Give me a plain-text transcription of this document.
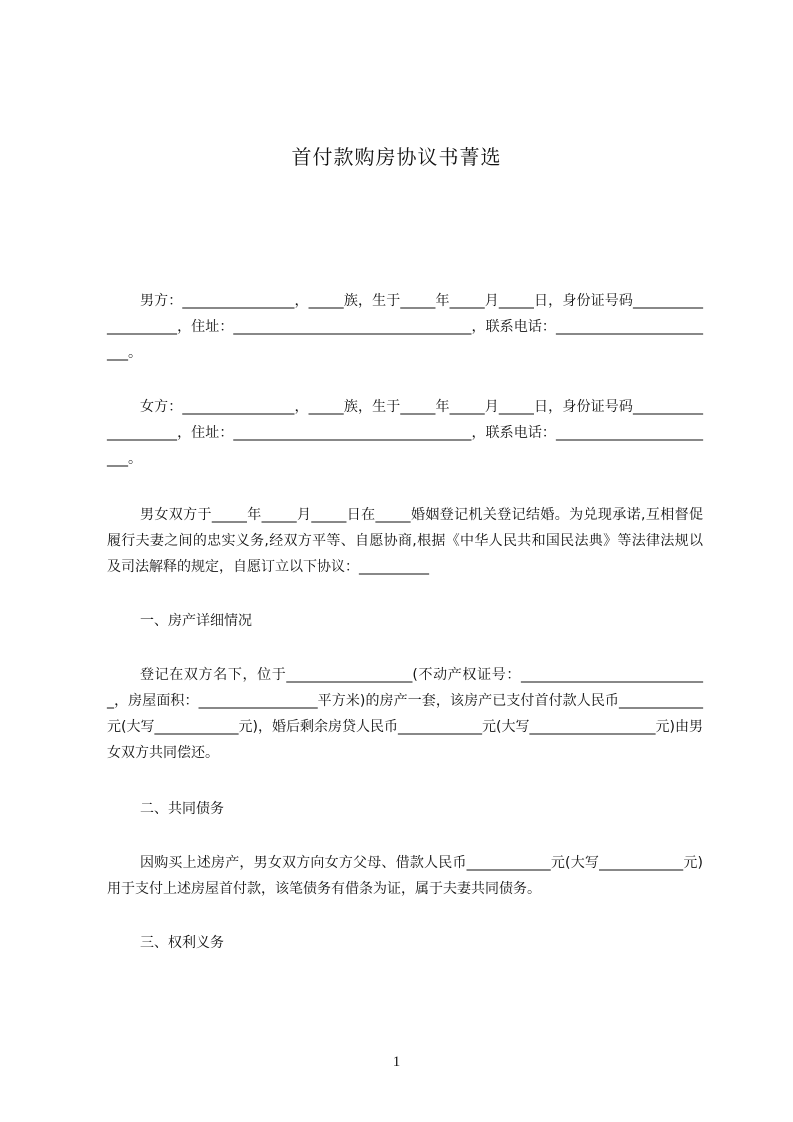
首付款购房协议书菁选
男方：________________，_____族，生于_____年_____月_____日，身份证号码____________________，住址：__________________________________，联系电话：________________________。
女方：________________，_____族，生于_____年_____月_____日，身份证号码____________________，住址：__________________________________，联系电话：________________________。
男女双方于_____年_____月_____日在_____婚姻登记机关登记结婚。为兑现承诺,互相督促履行夫妻之间的忠实义务,经双方平等、自愿协商,根据《中华人民共和国民法典》等法律法规以及司法解释的规定，自愿订立以下协议：__________
一、房产详细情况
登记在双方名下，位于__________________(不动产权证号：___________________________，房屋面积：_________________平方米)的房产一套，该房产已支付首付款人民币____________元(大写____________元)，婚后剩余房贷人民币____________元(大写__________________元)由男女双方共同偿还。
二、共同债务
因购买上述房产，男女双方向女方父母、借款人民币____________元(大写____________元)用于支付上述房屋首付款，该笔债务有借条为证，属于夫妻共同债务。
三、权利义务
1
